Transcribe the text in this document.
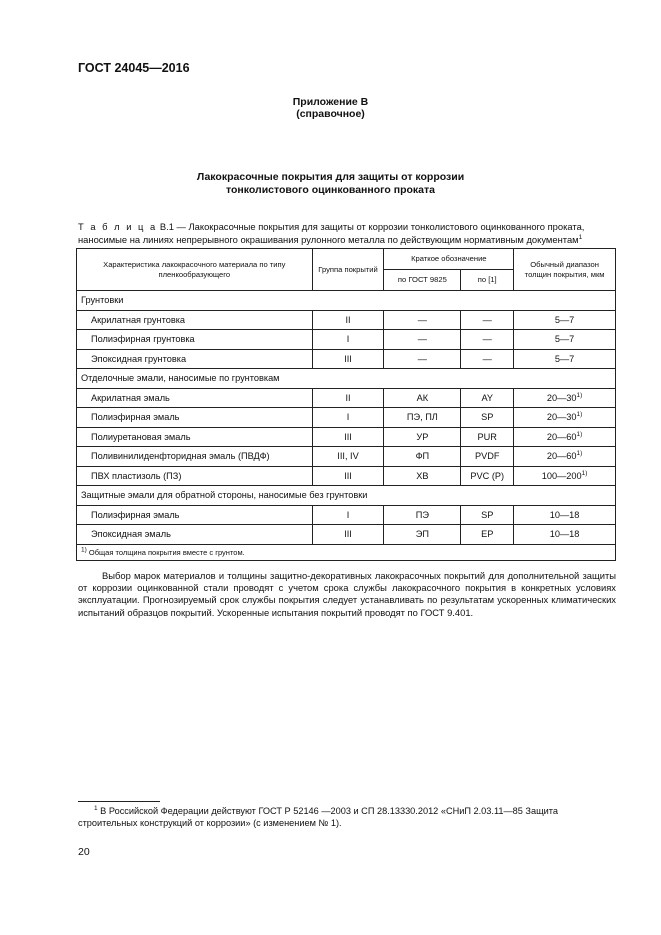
ГОСТ 24045—2016
Приложение В
(справочное)
Лакокрасочные покрытия для защиты от коррозии
тонколистового оцинкованного проката
Т а б л и ц а В.1 — Лакокрасочные покрытия для защиты от коррозии тонколистового оцинкованного проката, наносимые на линиях непрерывного окрашивания рулонного металла по действующим нормативным документам$^1$
Характеристика лакокрасочного материала по типу пленкообразующего	Группа покрытий	Краткое обозначение		Обычный диапазон толщин покрытия, мкм
		по ГОСТ 9825	по [1]	
Грунтовки				
Акрилатная грунтовка	II	—	—	5—7
Полиэфирная грунтовка	I	—	—	5—7
Эпоксидная грунтовка	III	—	—	5—7
Отделочные эмали, наносимые по грунтовкам				
Акрилатная эмаль	II	АК	AY	20—30$^{1)}$
Полиэфирная эмаль	I	ПЭ, ПЛ	SP	20—30$^{1)}$
Полиуретановая эмаль	III	УР	PUR	20—60$^{1)}$
Поливинилиденфторидная эмаль (ПВДФ)	III, IV	ФП	PVDF	20—60$^{1)}$
ПВХ пластизоль (ПЗ)	III	ХВ	PVC (P)	100—200$^{1)}$
Защитные эмали для обратной стороны, наносимые без грунтовки				
Полиэфирная эмаль	I	ПЭ	SP	10—18
Эпоксидная эмаль	III	ЭП	EP	10—18
$^{1)}$ Общая толщина покрытия вместе с грунтом.				
Выбор марок материалов и толщины защитно-декоративных лакокрасочных покрытий для дополнительной защиты от коррозии оцинкованной стали проводят с учетом срока службы лакокрасочного покрытия в конкретных условиях эксплуатации. Прогнозируемый срок службы покрытия следует устанавливать по результатам ускоренных климатических испытаний образцов покрытий. Ускоренные испытания покрытий проводят по ГОСТ 9.401.
$^1$ В Российской Федерации действуют ГОСТ Р 52146 —2003 и СП 28.13330.2012 «СНиП 2.03.11—85 Защита строительных конструкций от коррозии» (с изменением № 1).
20
